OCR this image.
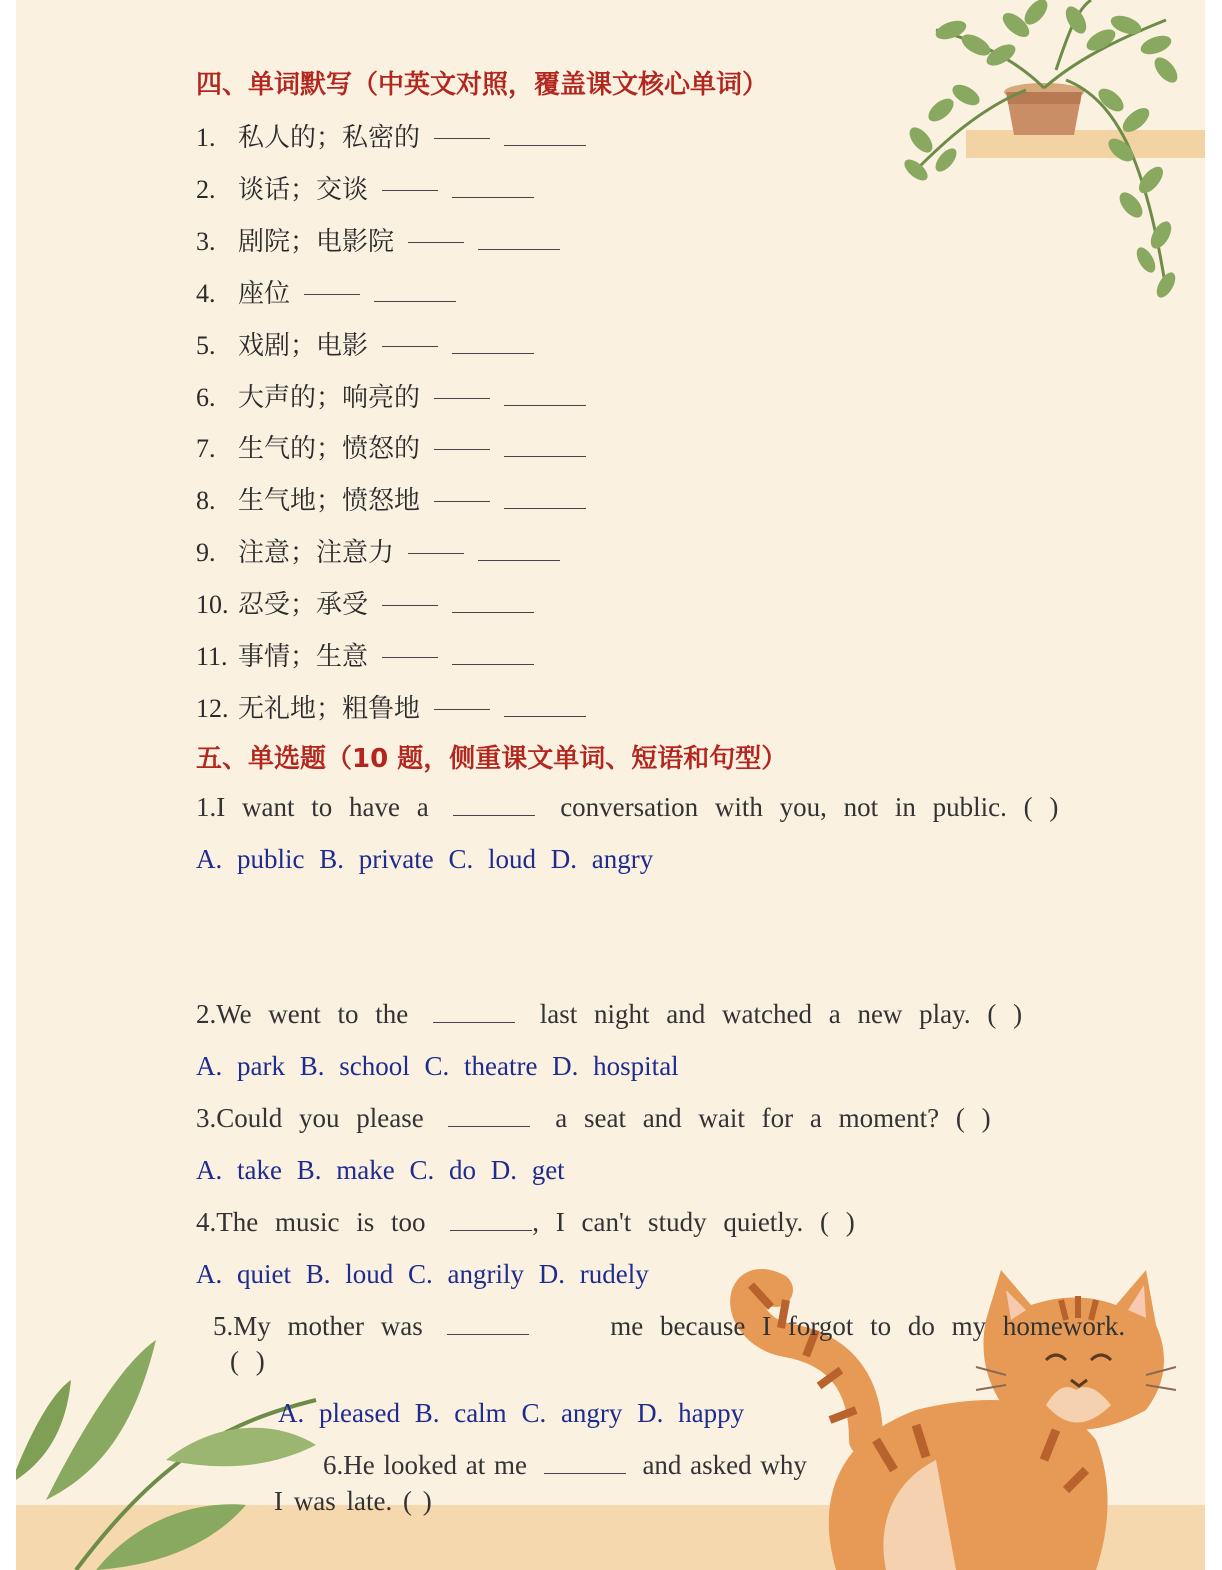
四、单词默写（中英文对照，覆盖课文核心单词）
1. 私人的；私密的
2. 谈话；交谈
3. 剧院；电影院
4. 座位
5. 戏剧；电影
6. 大声的；响亮的
7. 生气的；愤怒的
8. 生气地；愤怒地
9. 注意；注意力
10. 忍受；承受
11. 事情；生意
12. 无礼地；粗鲁地
五、单选题（10 题，侧重课文单词、短语和句型）
1.I want to have a	conversation with you, not in public. ( )
A. public B. private C. loud D. angry
2.We went to the	last night and watched a new play. ( )
A. park B. school C. theatre D. hospital
3.Could you please	a seat and wait for a moment? ( )
A. take B. make C. do D. get
4.The music is too	, I can't study quietly. ( )
A. quiet B. loud C. angrily D. rudely
5.My mother was	me because I forgot to do my homework.
( )
A. pleased B. calm C. angry D. happy
6.He looked at me	and asked why
I was late. ( )
